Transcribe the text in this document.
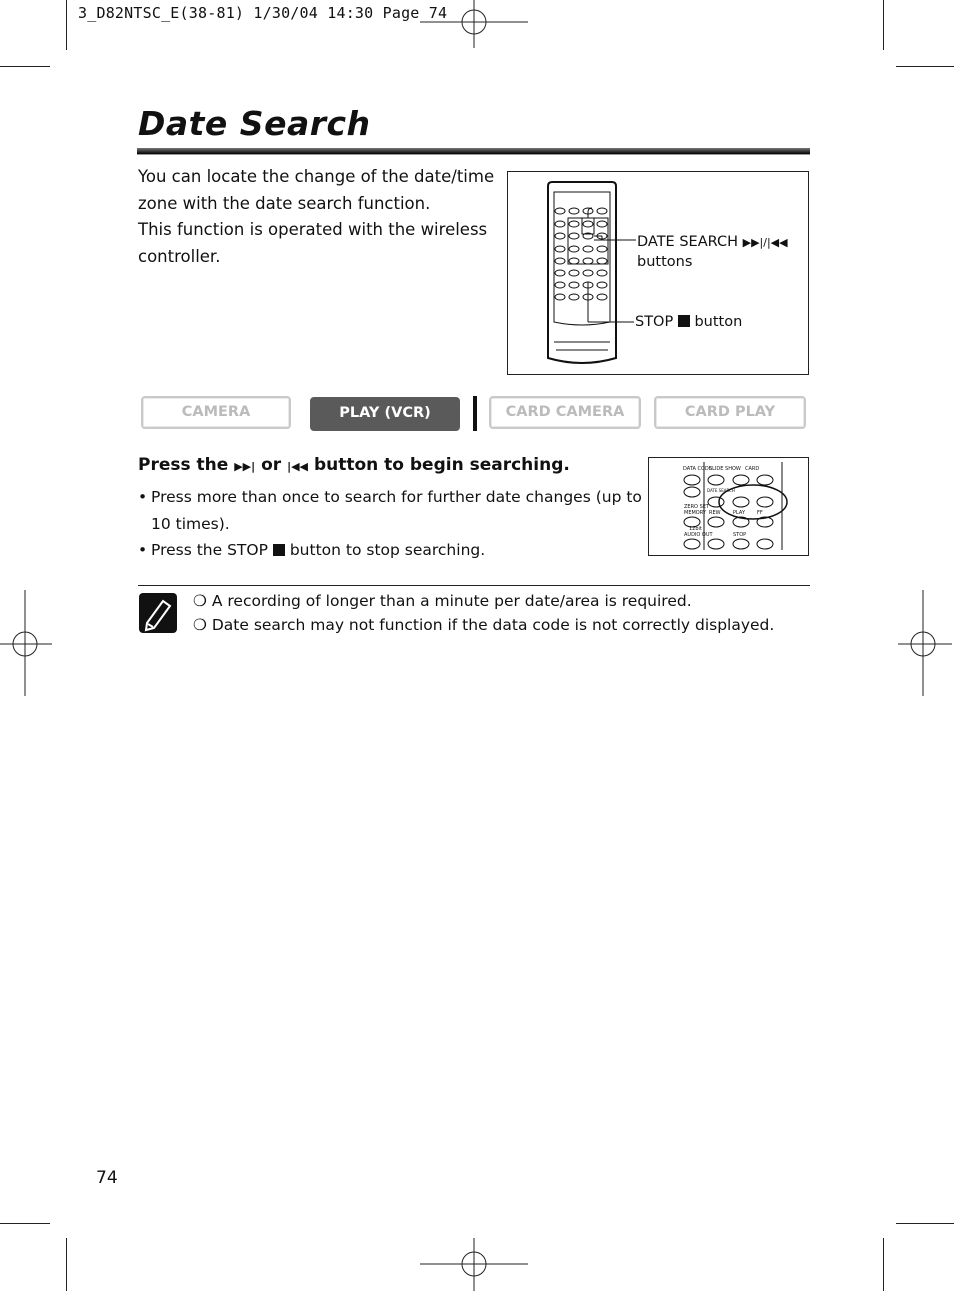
3_D82NTSC_E(38-81) 1/30/04 14:30 Page 74
Date Search

You can locate the change of the date/time zone with the date search function.

This function is operated with the wireless controller.

DATE SEARCH ▶▶|/|◀◀
buttons
STOP button
CAMERA	PLAY (VCR)	CARD CAMERA	CARD PLAY
Press the ▶▶| or |◀◀ button to begin searching.
• Press more than once to search for further date changes (up to 10 times).
• Press the STOP button to stop searching.
DATA CODE
SLIDE SHOW CARD
DATE SEARCH
ZERO SET
MEMORY REW PLAY FF
12bit
AUDIO OUT	STOP
❍ A recording of longer than a minute per date/area is required.
❍ Date search may not function if the data code is not correctly displayed.
74
